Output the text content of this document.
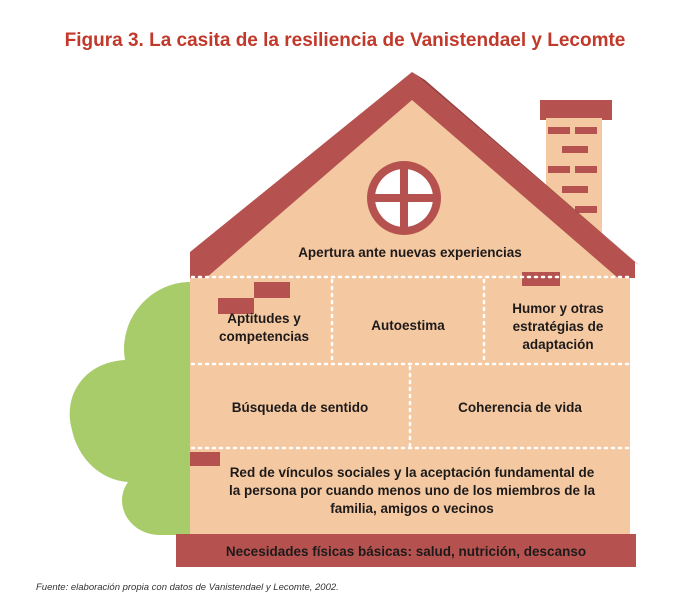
Figura 3. La casita de la resiliencia de Vanistendael y Lecomte
Apertura ante nuevas experiencias
Aptitudes y competencias
Autoestima
Humor y otras estratégias de adaptación
Búsqueda de sentido	Coherencia de vida
Red de vínculos sociales y la aceptación fundamental de la persona por cuando menos uno de los miembros de la familia, amigos o vecinos
Necesidades físicas básicas: salud, nutrición, descanso
Fuente: elaboración propia con datos de Vanistendael y Lecomte, 2002.
